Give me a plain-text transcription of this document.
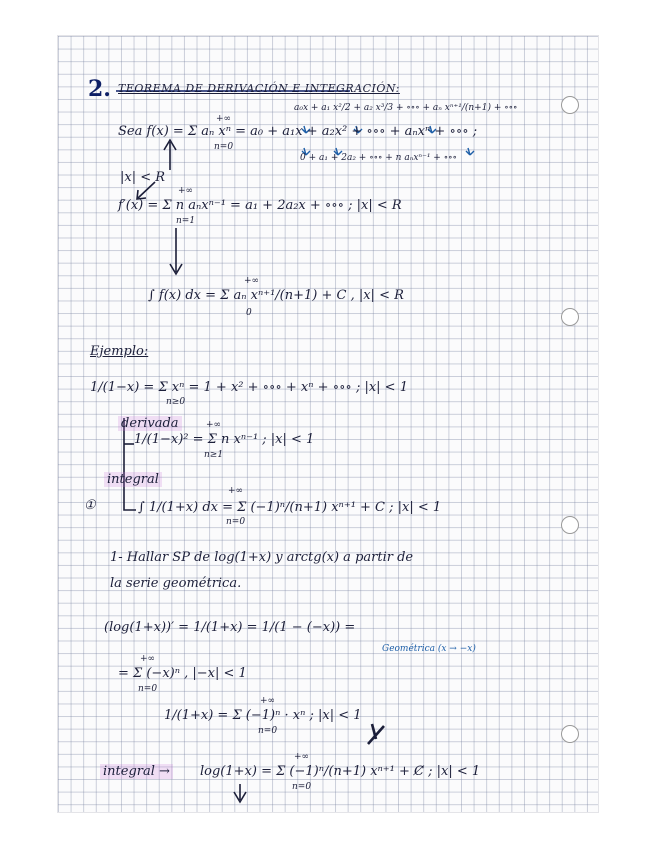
2. TEOREMA DE DERIVACIÓN E INTEGRACIÓN:
a₀x + a₁ x²/2 + a₂ x³/3 + ∘∘∘ + aₙ xⁿ⁺¹/(n+1) + ∘∘∘
+∞
Sea f(x) = Σ aₙ xⁿ = a₀ + a₁x + a₂x² + ∘∘∘ + aₙxⁿ + ∘∘∘ ;
n=0
0 + a₁ + 2a₂ + ∘∘∘ + n aₙxⁿ⁻¹ + ∘∘∘
|x| < R
+∞
f′(x) = Σ n aₙxⁿ⁻¹ = a₁ + 2a₂x + ∘∘∘ ; |x| < R
n=1
+∞
∫ f(x) dx = Σ aₙ xⁿ⁺¹/(n+1) + C , |x| < R
0
Ejemplo:
1/(1−x) = Σ xⁿ = 1 + x² + ∘∘∘ + xⁿ + ∘∘∘ ; |x| < 1
n≥0
derivada	+∞
1/(1−x)² = Σ n xⁿ⁻¹ ; |x| < 1
n≥1
integral
①
+∞
∫ 1/(1+x) dx = Σ (−1)ⁿ/(n+1) xⁿ⁺¹ + C ; |x| < 1
n=0
1- Hallar SP de log(1+x) y arctg(x) a partir de
la serie geométrica.
(log(1+x))′ = 1/(1+x) = 1/(1 − (−x)) =
Geométrica (x → −x)
+∞
= Σ (−x)ⁿ , |−x| < 1
n=0
+∞
1/(1+x) = Σ (−1)ⁿ · xⁿ ; |x| < 1
n=0
+∞
integral → log(1+x) = Σ (−1)ⁿ/(n+1) xⁿ⁺¹ + C̸ ; |x| < 1
n=0
